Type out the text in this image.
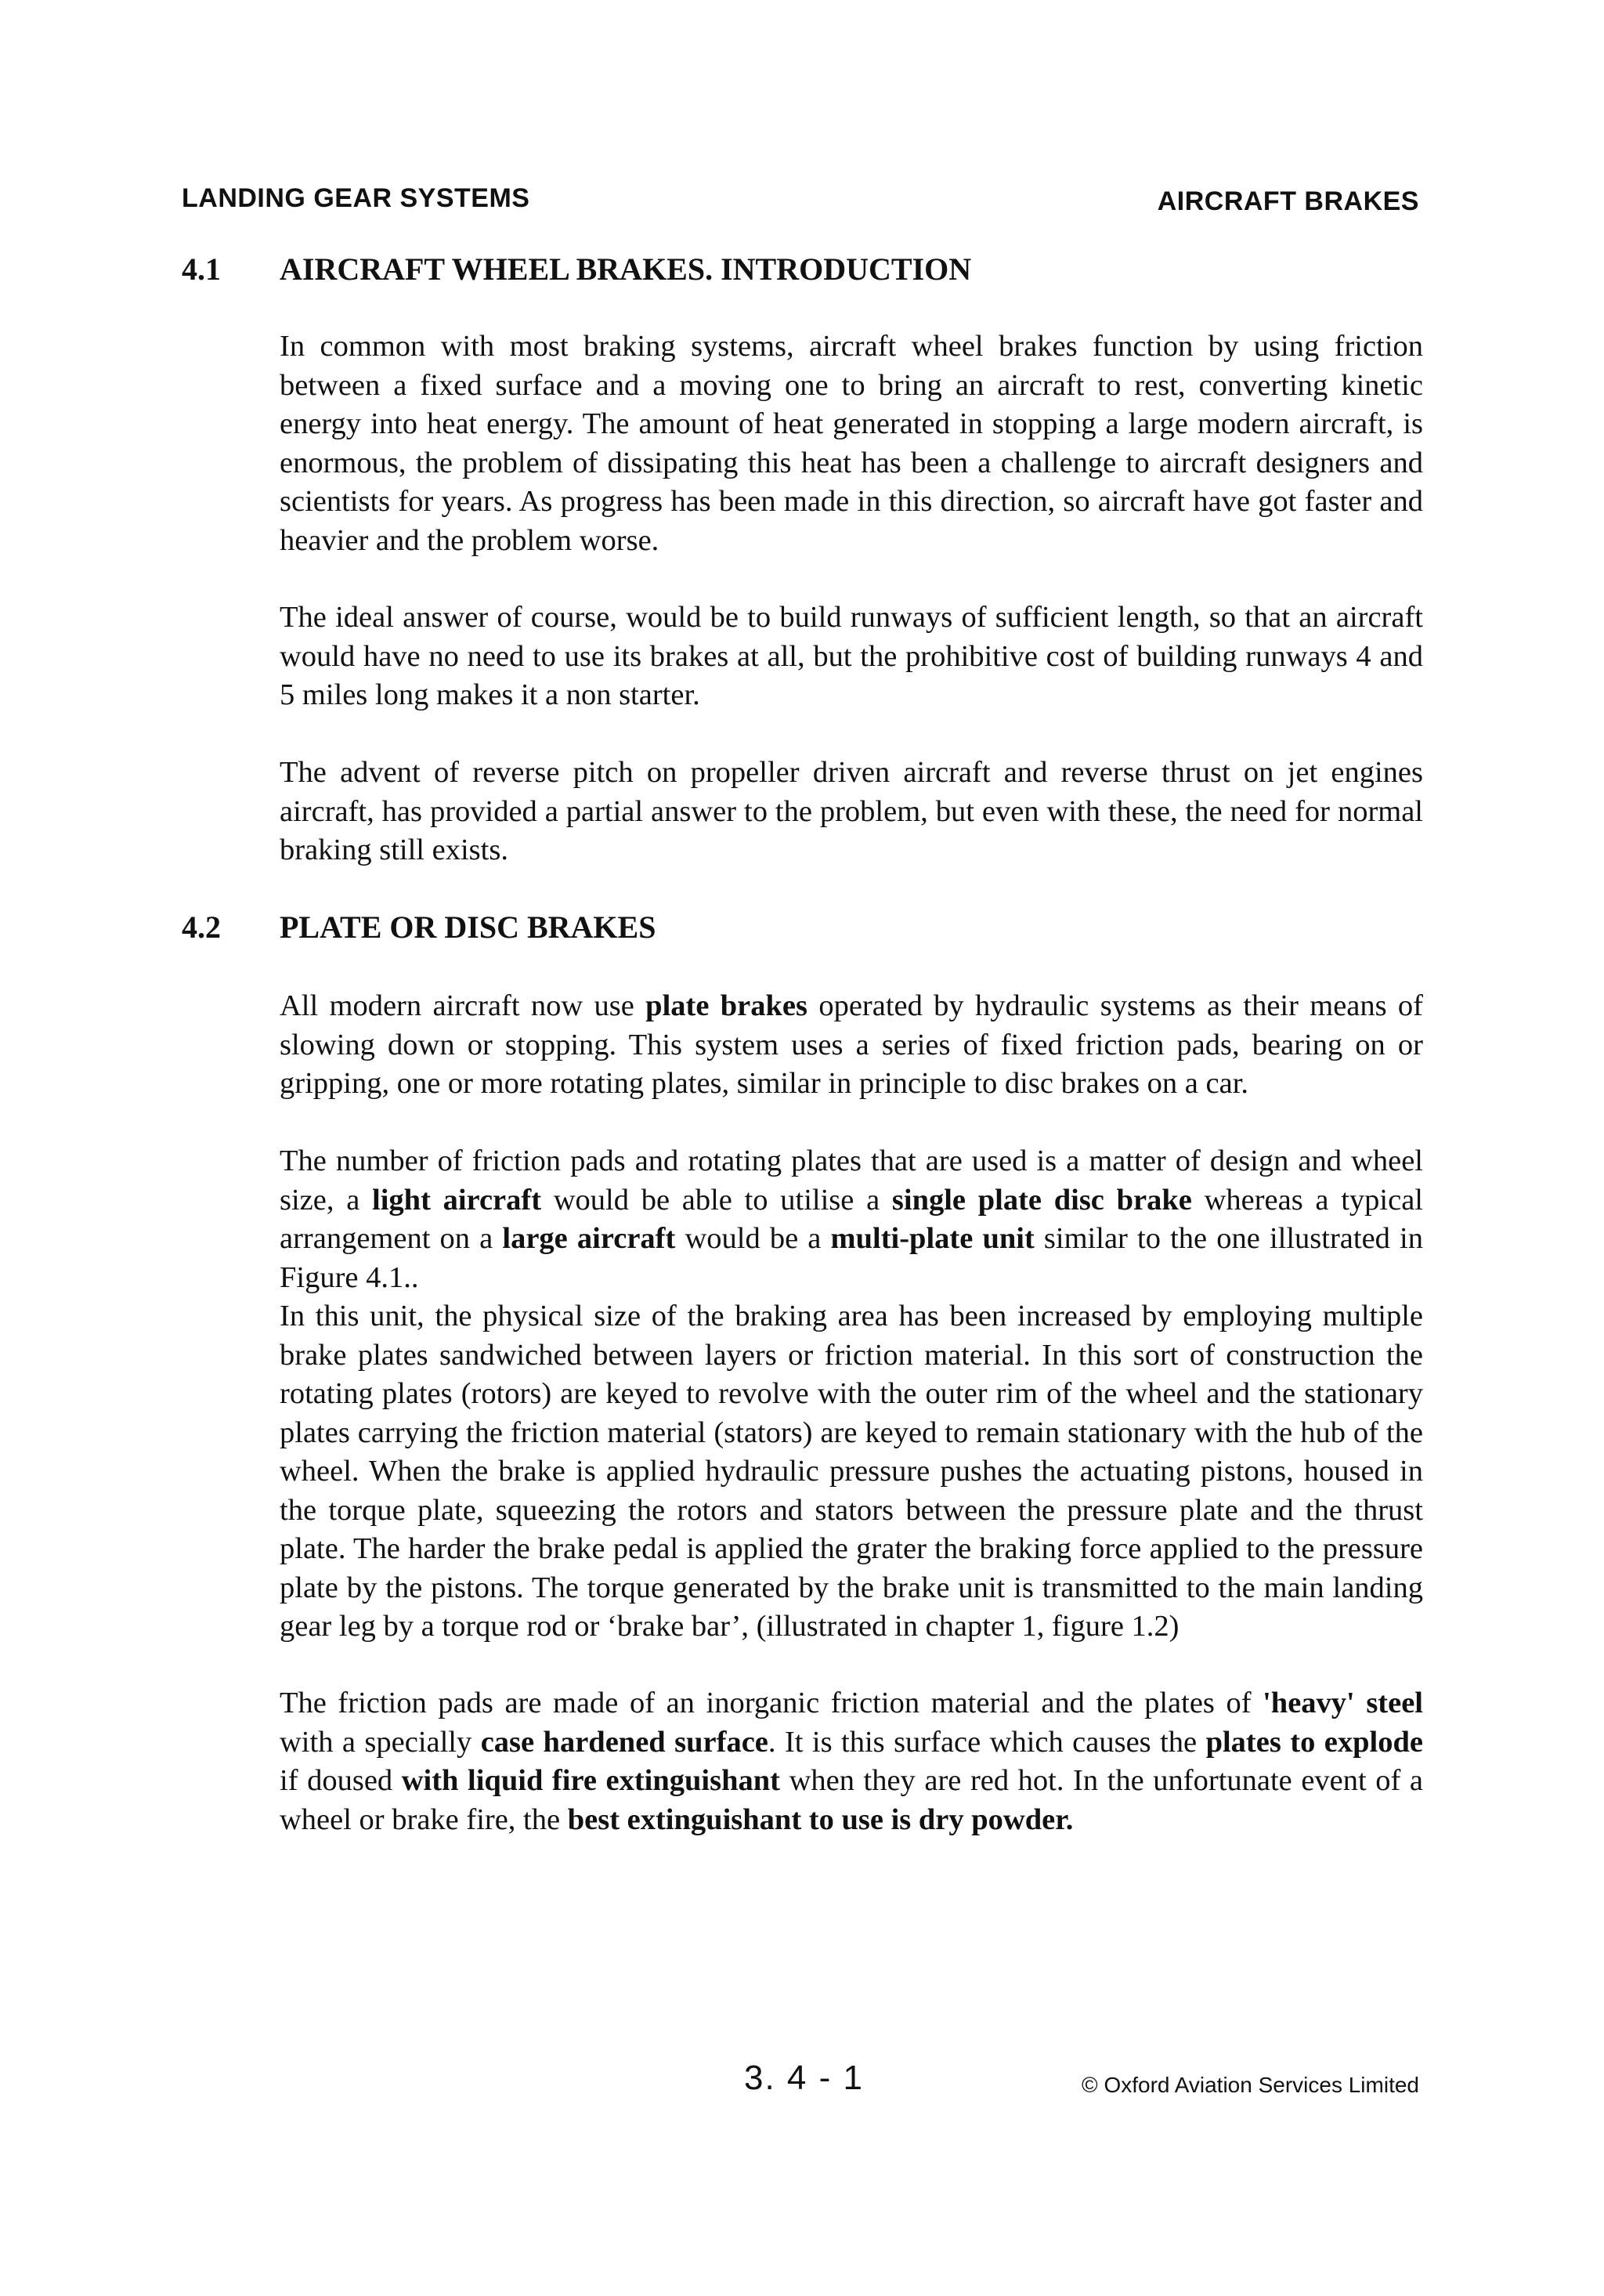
LANDING GEAR SYSTEMS	AIRCRAFT BRAKES
4.1 AIRCRAFT WHEEL BRAKES. INTRODUCTION

In common with most braking systems, aircraft wheel brakes function by using friction between a fixed surface and a moving one to bring an aircraft to rest, converting kinetic energy into heat energy. The amount of heat generated in stopping a large modern aircraft, is enormous, the problem of dissipating this heat has been a challenge to aircraft designers and scientists for years. As progress has been made in this direction, so aircraft have got faster and heavier and the problem worse.

The ideal answer of course, would be to build runways of sufficient length, so that an aircraft would have no need to use its brakes at all, but the prohibitive cost of building runways 4 and 5 miles long makes it a non starter.

The advent of reverse pitch on propeller driven aircraft and reverse thrust on jet engines aircraft, has provided a partial answer to the problem, but even with these, the need for normal braking still exists.

4.2 PLATE OR DISC BRAKES

All modern aircraft now use plate brakes operated by hydraulic systems as their means of slowing down or stopping. This system uses a series of fixed friction pads, bearing on or gripping, one or more rotating plates, similar in principle to disc brakes on a car.

The number of friction pads and rotating plates that are used is a matter of design and wheel size, a light aircraft would be able to utilise a single plate disc brake whereas a typical arrangement on a large aircraft would be a multi-plate unit similar to the one illustrated in Figure 4.1..

In this unit, the physical size of the braking area has been increased by employing multiple brake plates sandwiched between layers or friction material. In this sort of construction the rotating plates (rotors) are keyed to revolve with the outer rim of the wheel and the stationary plates carrying the friction material (stators) are keyed to remain stationary with the hub of the wheel. When the brake is applied hydraulic pressure pushes the actuating pistons, housed in the torque plate, squeezing the rotors and stators between the pressure plate and the thrust plate. The harder the brake pedal is applied the grater the braking force applied to the pressure plate by the pistons. The torque generated by the brake unit is transmitted to the main landing gear leg by a torque rod or ‘brake bar’, (illustrated in chapter 1, figure 1.2)

The friction pads are made of an inorganic friction material and the plates of 'heavy' steel with a specially case hardened surface. It is this surface which causes the plates to explode if doused with liquid fire extinguishant when they are red hot. In the unfortunate event of a wheel or brake fire, the best extinguishant to use is dry powder.

3. 4 - 1	© Oxford Aviation Services Limited
